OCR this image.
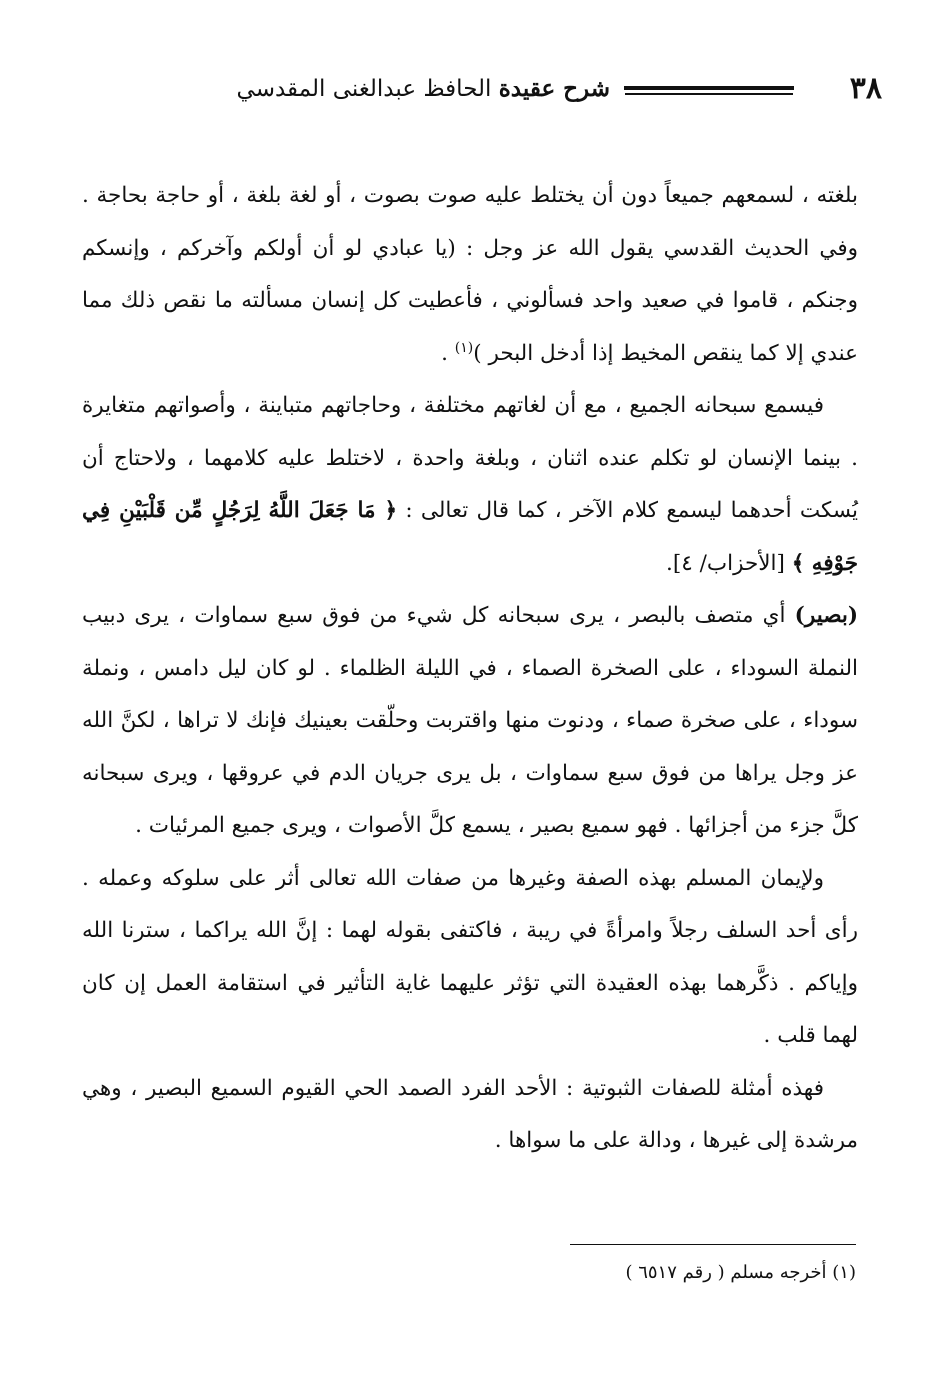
٣٨
شرح عقيدة الحافظ عبدالغنى المقدسي

بلغته ، لسمعهم جميعاً دون أن يختلط عليه صوت بصوت ، أو لغة بلغة ، أو حاجة بحاجة . وفي الحديث القدسي يقول الله عز وجل : (يا عبادي لو أن أولكم وآخركم ، وإنسكم وجنكم ، قاموا في صعيد واحد فسألوني ، فأعطيت كل إنسان مسألته ما نقص ذلك مما عندي إلا كما ينقص المخيط إذا أدخل البحر )$^{(١)}$ .

فيسمع سبحانه الجميع ، مع أن لغاتهم مختلفة ، وحاجاتهم متباينة ، وأصواتهم متغايرة . بينما الإنسان لو تكلم عنده اثنان ، وبلغة واحدة ، لاختلط عليه كلامهما ، ولاحتاج أن يُسكت أحدهما ليسمع كلام الآخر ، كما قال تعالى : ﴿ مَا جَعَلَ اللَّهُ لِرَجُلٍ مِّن قَلْبَيْنِ فِي جَوْفِهِ ﴾ [الأحزاب/ ٤].

(بصير) أي متصف بالبصر ، يرى سبحانه كل شيء من فوق سبع سماوات ، يرى دبيب النملة السوداء ، على الصخرة الصماء ، في الليلة الظلماء . لو كان ليل دامس ، ونملة سوداء ، على صخرة صماء ، ودنوت منها واقتربت وحلّقت بعينيك فإنك لا تراها ، لكنَّ الله عز وجل يراها من فوق سبع سماوات ، بل يرى جريان الدم في عروقها ، ويرى سبحانه كلَّ جزء من أجزائها . فهو سميع بصير ، يسمع كلَّ الأصوات ، ويرى جميع المرئيات .

ولإيمان المسلم بهذه الصفة وغيرها من صفات الله تعالى أثر على سلوكه وعمله . رأى أحد السلف رجلاً وامرأةً في ريبة ، فاكتفى بقوله لهما : إنَّ الله يراكما ، سترنا الله وإياكم . ذكَّرهما بهذه العقيدة التي تؤثر عليهما غاية التأثير في استقامة العمل إن كان لهما قلب .

فهذه أمثلة للصفات الثبوتية : الأحد الفرد الصمد الحي القيوم السميع البصير ، وهي مرشدة إلى غيرها ، ودالة على ما سواها .

(١) أخرجه مسلم ( رقم ٦٥١٧ )
